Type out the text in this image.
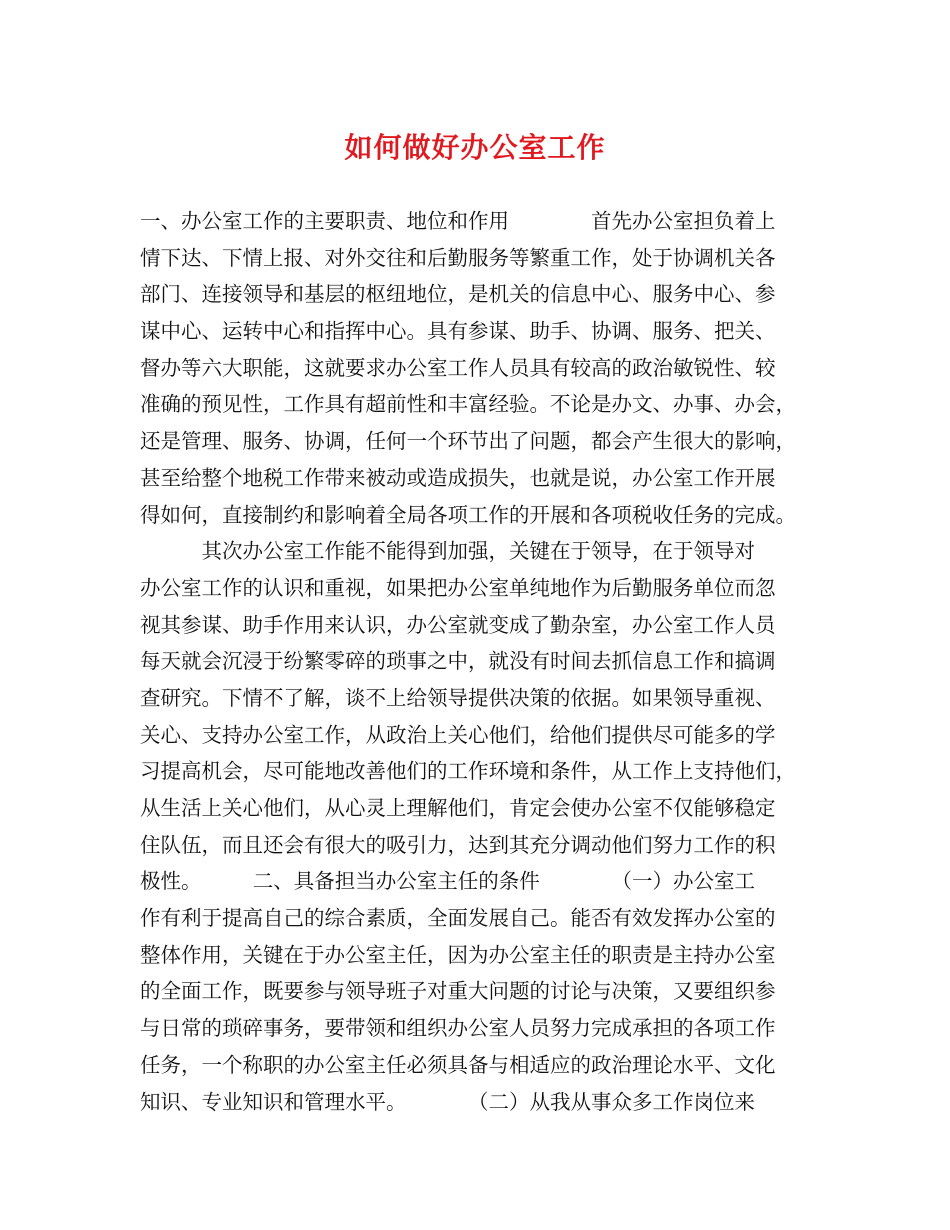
如何做好办公室工作
一、办公室工作的主要职责、地位和作用　　　　首先办公室担负着上
情下达、下情上报、对外交往和后勤服务等繁重工作，处于协调机关各
部门、连接领导和基层的枢纽地位，是机关的信息中心、服务中心、参
谋中心、运转中心和指挥中心。具有参谋、助手、协调、服务、把关、
督办等六大职能，这就要求办公室工作人员具有较高的政治敏锐性、较
准确的预见性，工作具有超前性和丰富经验。不论是办文、办事、办会，
还是管理、服务、协调，任何一个环节出了问题，都会产生很大的影响，
甚至给整个地税工作带来被动或造成损失，也就是说，办公室工作开展
得如何，直接制约和影响着全局各项工作的开展和各项税收任务的完成。
　　　其次办公室工作能不能得到加强，关键在于领导，在于领导对
办公室工作的认识和重视，如果把办公室单纯地作为后勤服务单位而忽
视其参谋、助手作用来认识，办公室就变成了勤杂室，办公室工作人员
每天就会沉浸于纷繁零碎的琐事之中，就没有时间去抓信息工作和搞调
查研究。下情不了解，谈不上给领导提供决策的依据。如果领导重视、
关心、支持办公室工作，从政治上关心他们，给他们提供尽可能多的学
习提高机会，尽可能地改善他们的工作环境和条件，从工作上支持他们，
从生活上关心他们，从心灵上理解他们，肯定会使办公室不仅能够稳定
住队伍，而且还会有很大的吸引力，达到其充分调动他们努力工作的积
极性。　　　二、具备担当办公室主任的条件　　　　（一）办公室工
作有利于提高自己的综合素质，全面发展自己。能否有效发挥办公室的
整体作用，关键在于办公室主任，因为办公室主任的职责是主持办公室
的全面工作，既要参与领导班子对重大问题的讨论与决策，又要组织参
与日常的琐碎事务，要带领和组织办公室人员努力完成承担的各项工作
任务，一个称职的办公室主任必须具备与相适应的政治理论水平、文化
知识、专业知识和管理水平。　　　　（二）从我从事众多工作岗位来
